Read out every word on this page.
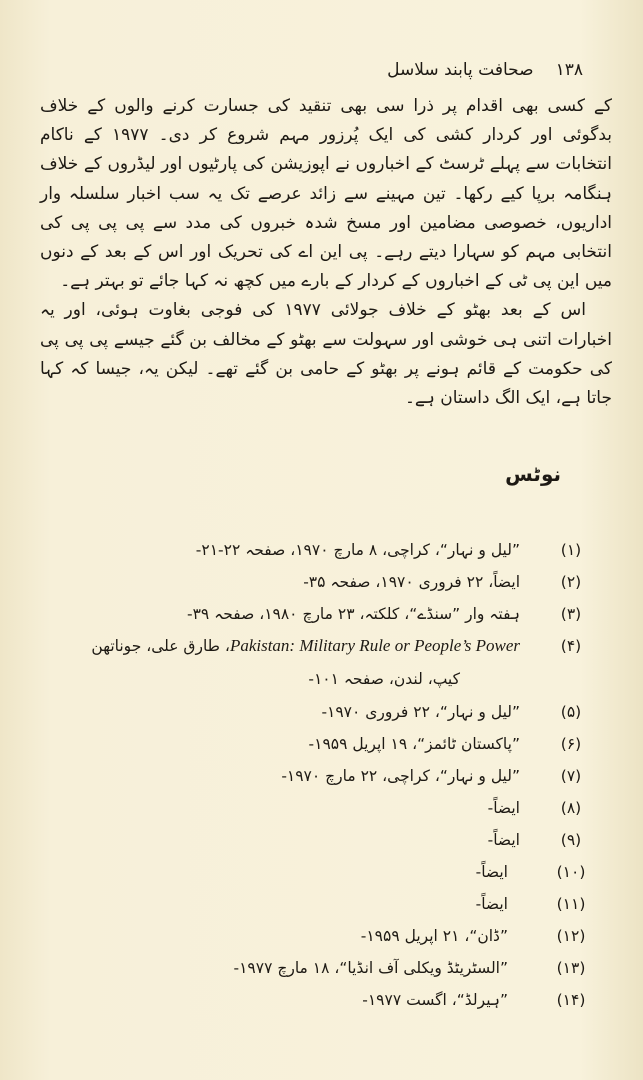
۱۳۸
صحافت پابند سلاسل

کے کسی بھی اقدام پر ذرا سی بھی تنقید کی جسارت کرنے والوں کے خلاف بدگوئی اور کردار کشی کی ایک پُرزور مہم شروع کر دی۔ ۱۹۷۷ کے ناکام انتخابات سے پہلے ٹرسٹ کے اخباروں نے اپوزیشن کی پارٹیوں اور لیڈروں کے خلاف ہنگامہ برپا کیے رکھا۔ تین مہینے سے زائد عرصے تک یہ سب اخبار سلسلہ وار اداریوں، خصوصی مضامین اور مسخ شدہ خبروں کی مدد سے پی پی پی کی انتخابی مہم کو سہارا دیتے رہے۔ پی این اے کی تحریک اور اس کے بعد کے دنوں میں این پی ٹی کے اخباروں کے کردار کے بارے میں کچھ نہ کہا جائے تو بہتر ہے۔

اس کے بعد بھٹو کے خلاف جولائی ۱۹۷۷ کی فوجی بغاوت ہوئی، اور یہ اخبارات اتنی ہی خوشی اور سہولت سے بھٹو کے مخالف بن گئے جیسے پی پی پی کی حکومت کے قائم ہونے پر بھٹو کے حامی بن گئے تھے۔ لیکن یہ، جیسا کہ کہا جاتا ہے، ایک الگ داستان ہے۔

نوٹس
(۱)
”لیل و نہار“، کراچی، ۸ مارچ ۱۹۷۰، صفحہ ۲۲-۲۱-
(۲)
ایضاً، ۲۲ فروری ۱۹۷۰، صفحہ ۳۵-
(۳)
ہفتہ وار ”سنڈے“، کلکتہ، ۲۳ مارچ ۱۹۸۰، صفحہ ۳۹-
(۴)
Pakistan: Military Rule or People’s Power، طارق علی، جوناتھن
کیپ، لندن، صفحہ ۱۰۱-
(۵)
”لیل و نہار“، ۲۲ فروری ۱۹۷۰-
(۶)
”پاکستان ٹائمز“، ۱۹ اپریل ۱۹۵۹-
(۷)
”لیل و نہار“، کراچی، ۲۲ مارچ ۱۹۷۰-
(۸)
ایضاً-
(۹)
ایضاً-
(۱۰)
ایضاً-
(۱۱)
ایضاً-
(۱۲)
”ڈان“، ۲۱ اپریل ۱۹۵۹-
(۱۳)
”السٹریٹڈ ویکلی آف انڈیا“، ۱۸ مارچ ۱۹۷۷-
(۱۴)
”ہیرلڈ“، اگست ۱۹۷۷-
